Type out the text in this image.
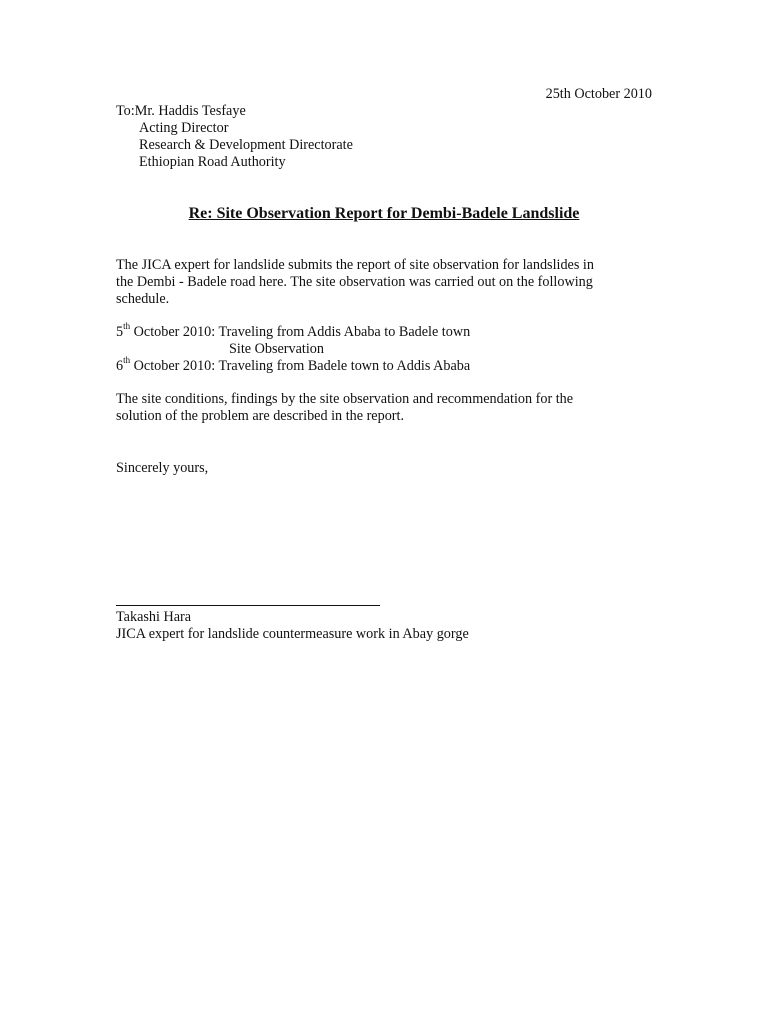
25th October 2010
To:Mr. Haddis Tesfaye
Acting Director
Research & Development Directorate
Ethiopian Road Authority
Re: Site Observation Report for Dembi-Badele Landslide
The JICA expert for landslide submits the report of site observation for landslides in
the Dembi - Badele road here. The site observation was carried out on the following
schedule.
5th October 2010: Traveling from Addis Ababa to Badele town
Site Observation
6th October 2010: Traveling from Badele town to Addis Ababa
The site conditions, findings by the site observation and recommendation for the
solution of the problem are described in the report.
Sincerely yours,
Takashi Hara
JICA expert for landslide countermeasure work in Abay gorge
